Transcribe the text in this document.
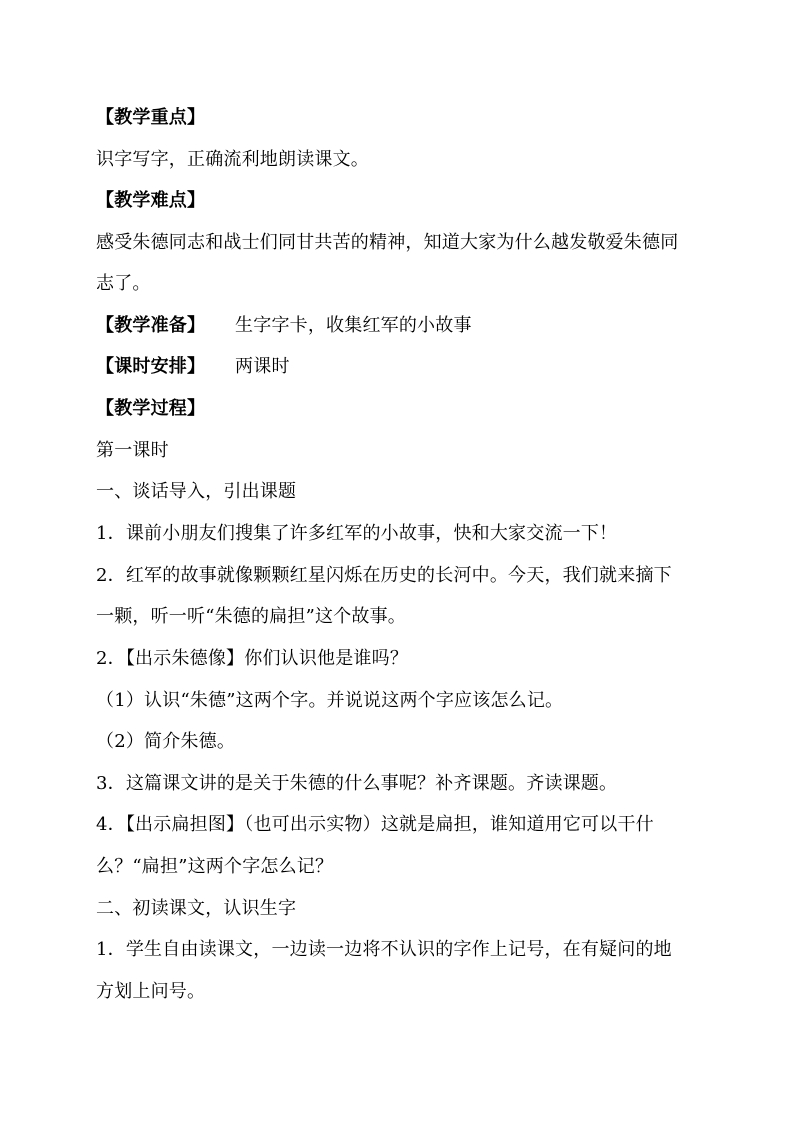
【教学重点】
识字写字，正确流利地朗读课文。
【教学难点】
感受朱德同志和战士们同甘共苦的精神，知道大家为什么越发敬爱朱德同
志了。
【教学准备】 生字字卡，收集红军的小故事
【课时安排】 两课时
【教学过程】
第一课时
一、谈话导入，引出课题
1．课前小朋友们搜集了许多红军的小故事，快和大家交流一下！
2．红军的故事就像颗颗红星闪烁在历史的长河中。今天，我们就来摘下
一颗，听一听“朱德的扁担”这个故事。
2．【出示朱德像】你们认识他是谁吗？
（1）认识“朱德”这两个字。并说说这两个字应该怎么记。
（2）简介朱德。
3．这篇课文讲的是关于朱德的什么事呢？补齐课题。齐读课题。
4．【出示扁担图】（也可出示实物）这就是扁担，谁知道用它可以干什
么？“扁担”这两个字怎么记？
二、初读课文，认识生字
1．学生自由读课文，一边读一边将不认识的字作上记号，在有疑问的地
方划上问号。
